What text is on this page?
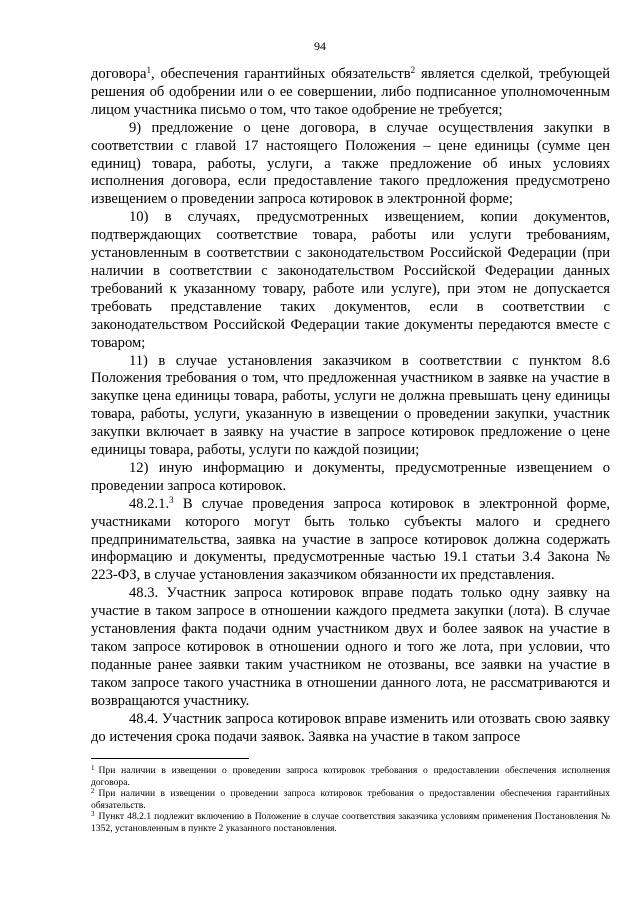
94

договора$^1$, обеспечения гарантийных обязательств$^2$ является сделкой, требующей решения об одобрении или о ее совершении, либо подписанное уполномоченным лицом участника письмо о том, что такое одобрение не требуется;

9) предложение о цене договора, в случае осуществления закупки в соответствии с главой 17 настоящего Положения – цене единицы (сумме цен единиц) товара, работы, услуги, а также предложение об иных условиях исполнения договора, если предоставление такого предложения предусмотрено извещением о проведении запроса котировок в электронной форме;

10) в случаях, предусмотренных извещением, копии документов, подтверждающих соответствие товара, работы или услуги требованиям, установленным в соответствии с законодательством Российской Федерации (при наличии в соответствии с законодательством Российской Федерации данных требований к указанному товару, работе или услуге), при этом не допускается требовать представление таких документов, если в соответствии с законодательством Российской Федерации такие документы передаются вместе с товаром;

11) в случае установления заказчиком в соответствии с пунктом 8.6 Положения требования о том, что предложенная участником в заявке на участие в закупке цена единицы товара, работы, услуги не должна превышать цену единицы товара, работы, услуги, указанную в извещении о проведении закупки, участник закупки включает в заявку на участие в запросе котировок предложение о цене единицы товара, работы, услуги по каждой позиции;

12) иную информацию и документы, предусмотренные извещением о проведении запроса котировок.

48.2.1.$^3$ В случае проведения запроса котировок в электронной форме, участниками которого могут быть только субъекты малого и среднего предпринимательства, заявка на участие в запросе котировок должна содержать информацию и документы, предусмотренные частью 19.1 статьи 3.4 Закона № 223-ФЗ, в случае установления заказчиком обязанности их представления.

48.3. Участник запроса котировок вправе подать только одну заявку на участие в таком запросе в отношении каждого предмета закупки (лота). В случае установления факта подачи одним участником двух и более заявок на участие в таком запросе котировок в отношении одного и того же лота, при условии, что поданные ранее заявки таким участником не отозваны, все заявки на участие в таком запросе такого участника в отношении данного лота, не рассматриваются и возвращаются участнику.

48.4. Участник запроса котировок вправе изменить или отозвать свою заявку до истечения срока подачи заявок. Заявка на участие в таком запросе

$^1$ При наличии в извещении о проведении запроса котировок требования о предоставлении обеспечения исполнения договора.

$^2$ При наличии в извещении о проведении запроса котировок требования о предоставлении обеспечения гарантийных обязательств.

$^3$ Пункт 48.2.1 подлежит включению в Положение в случае соответствия заказчика условиям применения Постановления № 1352, установленным в пункте 2 указанного постановления.
